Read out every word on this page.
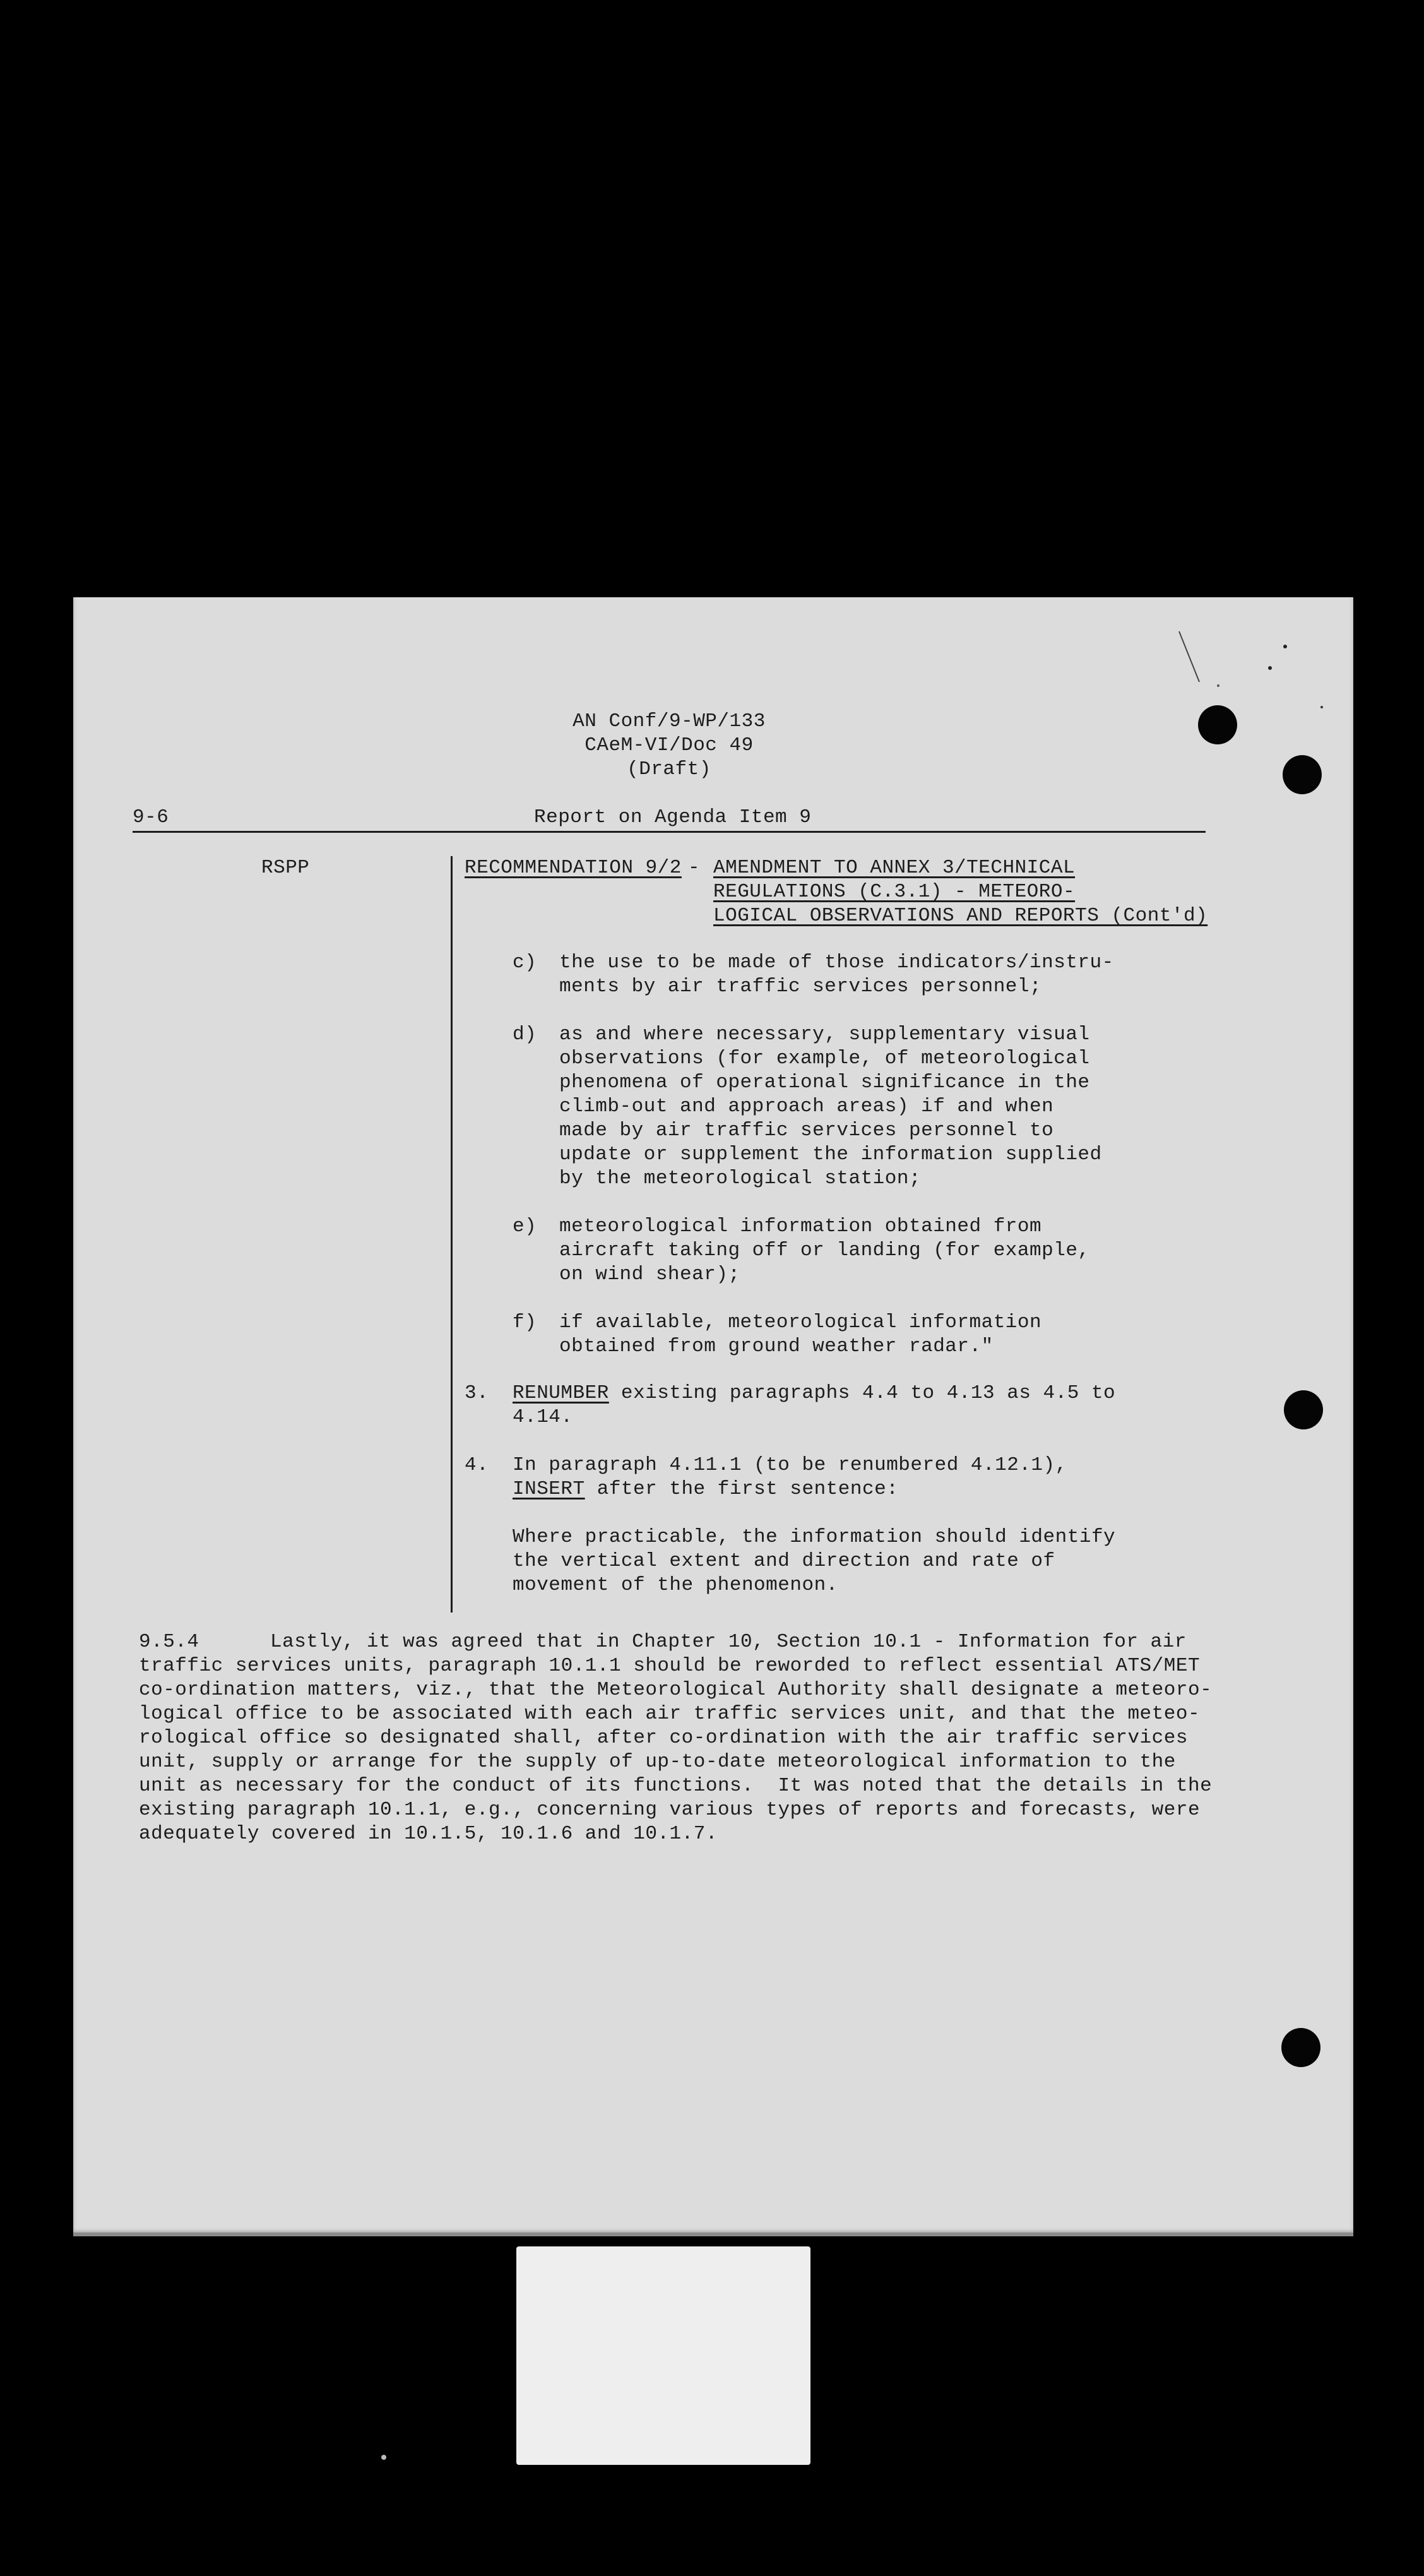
AN Conf/9-WP/133
CAeM-VI/Doc 49
(Draft)
9-6	Report on Agenda Item 9
RSPP	RECOMMENDATION 9/2 - AMENDMENT TO ANNEX 3/TECHNICAL
REGULATIONS (C.3.1) - METEORO-
LOGICAL OBSERVATIONS AND REPORTS (Cont'd)
c) the use to be made of those indicators/instru-
ments by air traffic services personnel;
d) as and where necessary, supplementary visual
observations (for example, of meteorological
phenomena of operational significance in the
climb-out and approach areas) if and when
made by air traffic services personnel to
update or supplement the information supplied
by the meteorological station;
e) meteorological information obtained from
aircraft taking off or landing (for example,
on wind shear);
f) if available, meteorological information
obtained from ground weather radar."
3. RENUMBER existing paragraphs 4.4 to 4.13 as 4.5 to
4.14.
4. In paragraph 4.11.1 (to be renumbered 4.12.1),
INSERT after the first sentence:
Where practicable, the information should identify
the vertical extent and direction and rate of
movement of the phenomenon.
9.5.4	Lastly, it was agreed that in Chapter 10, Section 10.1 - Information for air
traffic services units, paragraph 10.1.1 should be reworded to reflect essential ATS/MET
co-ordination matters, viz., that the Meteorological Authority shall designate a meteoro-
logical office to be associated with each air traffic services unit, and that the meteo-
rological office so designated shall, after co-ordination with the air traffic services
unit, supply or arrange for the supply of up-to-date meteorological information to the
unit as necessary for the conduct of its functions.  It was noted that the details in the
existing paragraph 10.1.1, e.g., concerning various types of reports and forecasts, were
adequately covered in 10.1.5, 10.1.6 and 10.1.7.
